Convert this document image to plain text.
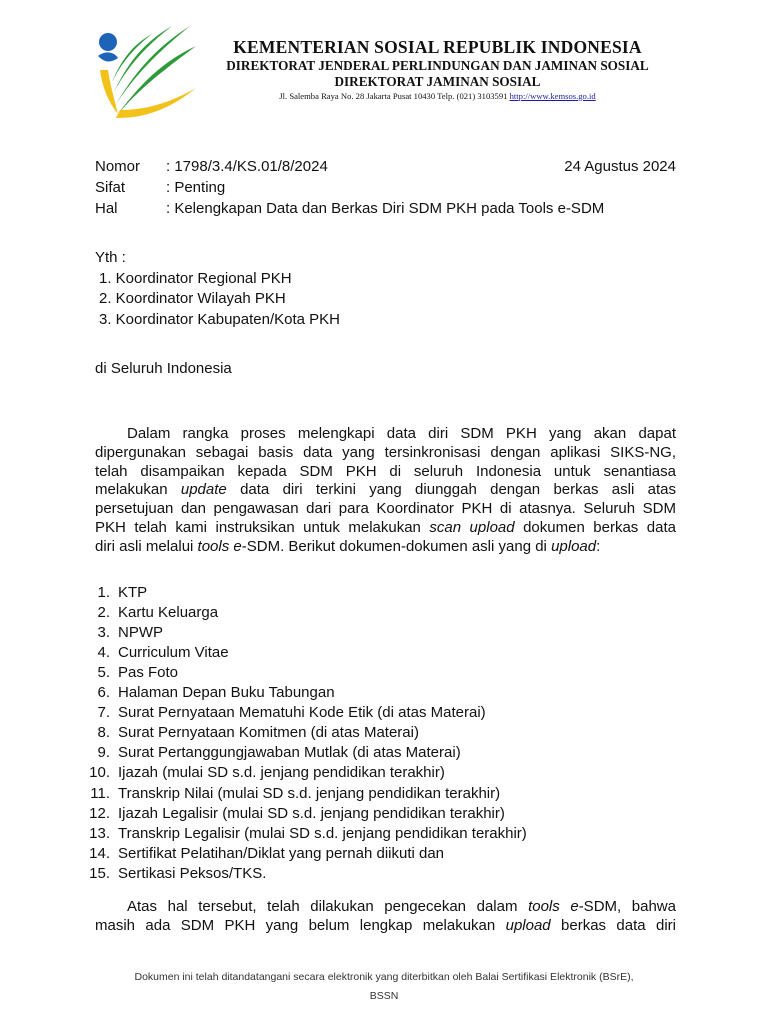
KEMENTERIAN SOSIAL REPUBLIK INDONESIA
DIREKTORAT JENDERAL PERLINDUNGAN DAN JAMINAN SOSIAL
DIREKTORAT JAMINAN SOSIAL
Jl. Salemba Raya No. 28 Jakarta Pusat 10430 Telp. (021) 3103591 http://www.kemsos.go.id
Nomor : 1798/3.4/KS.01/8/2024	24 Agustus 2024
Sifat	: Penting
Hal	: Kelengkapan Data dan Berkas Diri SDM PKH pada Tools e-SDM
Yth :
1. Koordinator Regional PKH
2. Koordinator Wilayah PKH
3. Koordinator Kabupaten/Kota PKH
di Seluruh Indonesia
Dalam rangka proses melengkapi data diri SDM PKH yang akan dapat
dipergunakan sebagai basis data yang tersinkronisasi dengan aplikasi SIKS-NG,
telah disampaikan kepada SDM PKH di seluruh Indonesia untuk senantiasa
melakukan update data diri terkini yang diunggah dengan berkas asli atas
persetujuan dan pengawasan dari para Koordinator PKH di atasnya. Seluruh SDM
PKH telah kami instruksikan untuk melakukan scan upload dokumen berkas data
diri asli melalui tools e-SDM. Berikut dokumen-dokumen asli yang di upload:
1. KTP
2. Kartu Keluarga
3. NPWP
4. Curriculum Vitae
5. Pas Foto
6. Halaman Depan Buku Tabungan
7. Surat Pernyataan Mematuhi Kode Etik (di atas Materai)
8. Surat Pernyataan Komitmen (di atas Materai)
9. Surat Pertanggungjawaban Mutlak (di atas Materai)
10. Ijazah (mulai SD s.d. jenjang pendidikan terakhir)
11. Transkrip Nilai (mulai SD s.d. jenjang pendidikan terakhir)
12. Ijazah Legalisir (mulai SD s.d. jenjang pendidikan terakhir)
13. Transkrip Legalisir (mulai SD s.d. jenjang pendidikan terakhir)
14. Sertifikat Pelatihan/Diklat yang pernah diikuti dan
15. Sertikasi Peksos/TKS.
Atas hal tersebut, telah dilakukan pengecekan dalam tools e-SDM, bahwa
masih ada SDM PKH yang belum lengkap melakukan upload berkas data diri
Dokumen ini telah ditandatangani secara elektronik yang diterbitkan oleh Balai Sertifikasi Elektronik (BSrE),
BSSN
